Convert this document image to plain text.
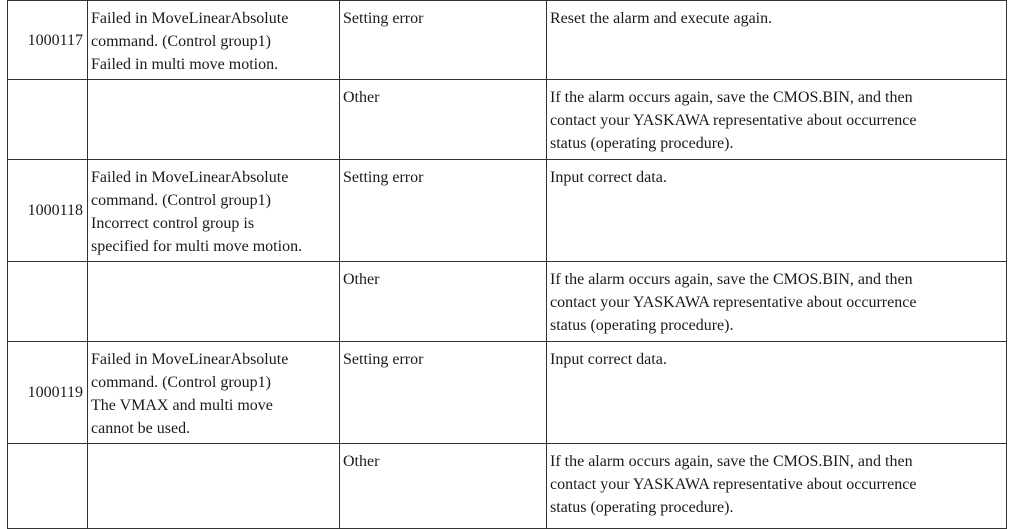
1000117	Failed in MoveLinearAbsolute
command. (Control group1)
Failed in multi move motion.	Setting error	Reset the alarm and execute again.

		Other	If the alarm occurs again, save the CMOS.BIN, and then
contact your YASKAWA representative about occurrence
status (operating procedure).

1000118	Failed in MoveLinearAbsolute
command. (Control group1)
Incorrect control group is
specified for multi move motion.	Setting error	Input correct data.

		Other	If the alarm occurs again, save the CMOS.BIN, and then
contact your YASKAWA representative about occurrence
status (operating procedure).

1000119	Failed in MoveLinearAbsolute
command. (Control group1)
The VMAX and multi move
cannot be used.	Setting error	Input correct data.

		Other	If the alarm occurs again, save the CMOS.BIN, and then
contact your YASKAWA representative about occurrence
status (operating procedure).
